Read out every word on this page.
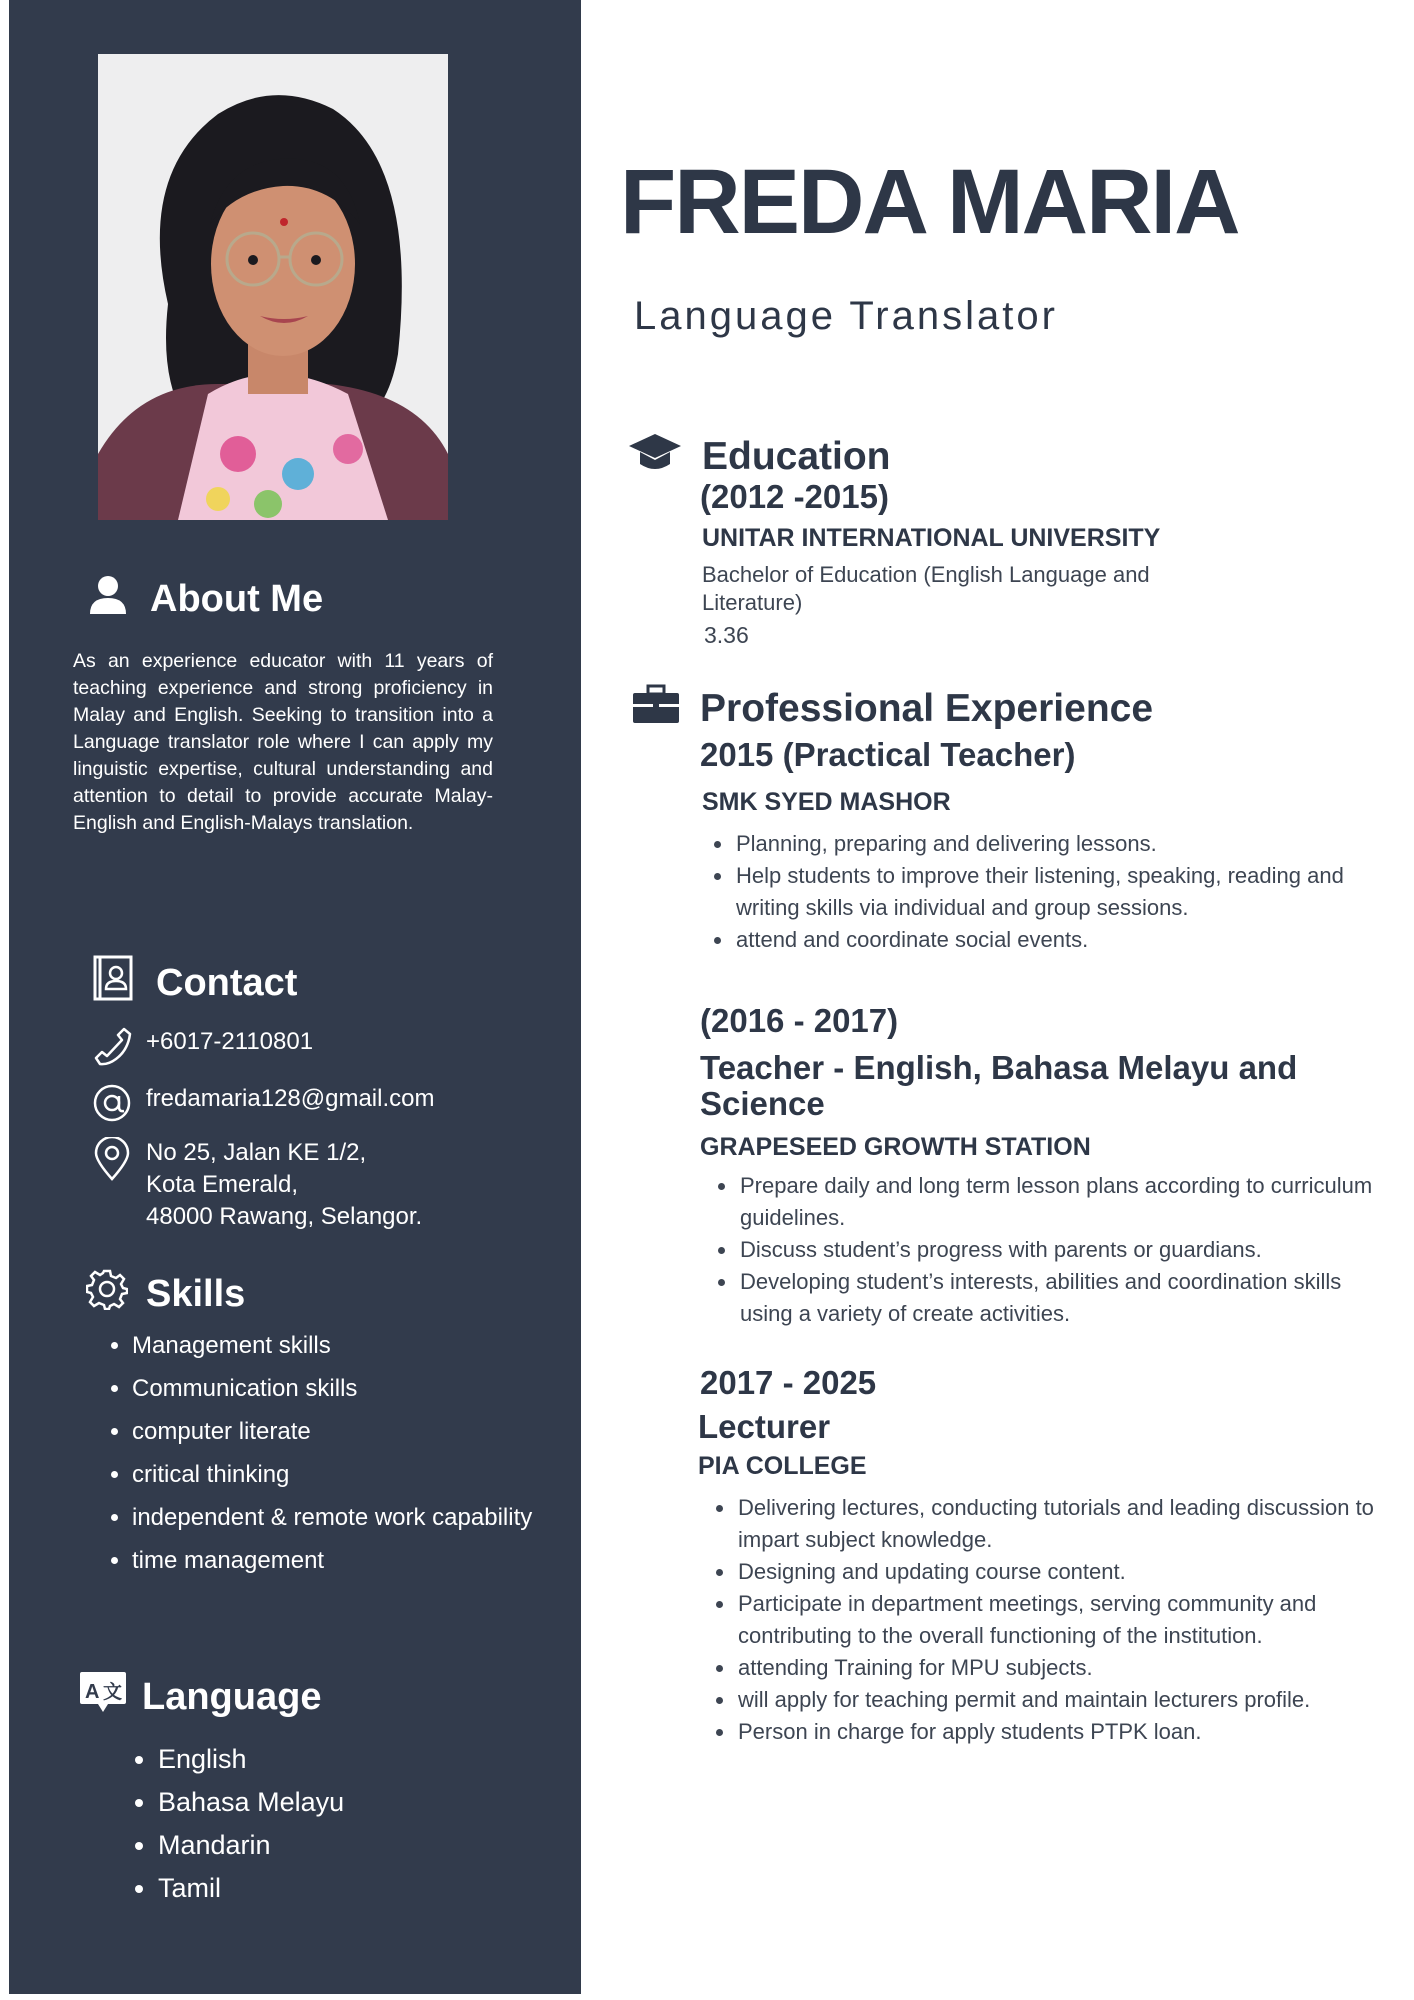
About Me
As an experience educator with 11 years of teaching experience and strong proficiency in Malay and English. Seeking to transition into a Language translator role where I can apply my linguistic expertise, cultural understanding and attention to detail to provide accurate Malay-English and English-Malays translation.
Contact
+6017-2110801
fredamaria128@gmail.com
No 25, Jalan KE 1/2,
Kota Emerald,
48000 Rawang, Selangor.
Skills
• Management skills
• Communication skills
• computer literate
• critical thinking
• independent & remote work capability
• time management
A 文 Language
• English
• Bahasa Melayu
• Mandarin
• Tamil
FREDA MARIA
Language Translator
Education
(2012 -2015)
UNITAR INTERNATIONAL UNIVERSITY
Bachelor of Education (English Language and Literature)
3.36
Professional Experience
2015 (Practical Teacher)
SMK SYED MASHOR
• Planning, preparing and delivering lessons.
• Help students to improve their listening, speaking, reading and writing skills via individual and group sessions.
• attend and coordinate social events.
(2016 - 2017)
Teacher - English, Bahasa Melayu and Science
GRAPESEED GROWTH STATION
• Prepare daily and long term lesson plans according to curriculum guidelines.
• Discuss student’s progress with parents or guardians.
• Developing student’s interests, abilities and coordination skills using a variety of create activities.
2017 - 2025
Lecturer
PIA COLLEGE
• Delivering lectures, conducting tutorials and leading discussion to impart subject knowledge.
• Designing and updating course content.
• Participate in department meetings, serving community and contributing to the overall functioning of the institution.
• attending Training for MPU subjects.
• will apply for teaching permit and maintain lecturers profile.
• Person in charge for apply students PTPK loan.
